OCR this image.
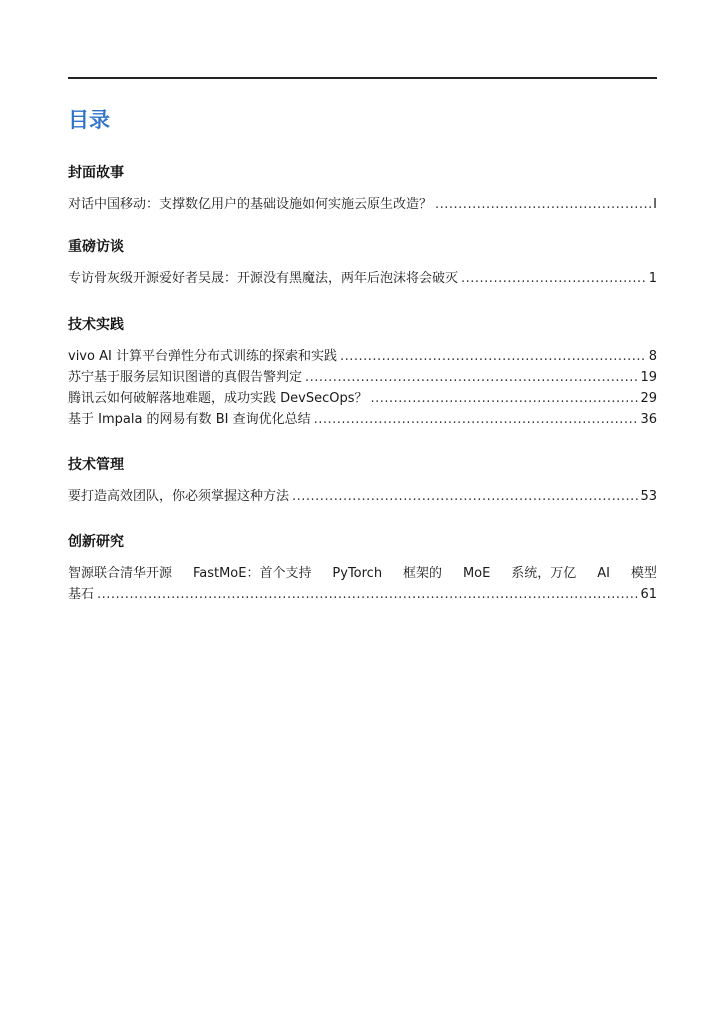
目录
封面故事
对话中国移动：支撑数亿用户的基础设施如何实施云原生改造？ .....	I
重磅访谈
专访骨灰级开源爱好者吴晟：开源没有黑魔法，两年后泡沫将会破灭 .....	1
技术实践
vivo AI 计算平台弹性分布式训练的探索和实践 .....	8
苏宁基于服务层知识图谱的真假告警判定 .....	19
腾讯云如何破解落地难题，成功实践 DevSecOps？ .....	29
基于 Impala 的网易有数 BI 查询优化总结 .....	36
技术管理
要打造高效团队，你必须掌握这种方法 .....	53
创新研究
智源联合清华开源 FastMoE：首个支持 PyTorch 框架的 MoE 系统，万亿 AI 模型
基石 .....	61
